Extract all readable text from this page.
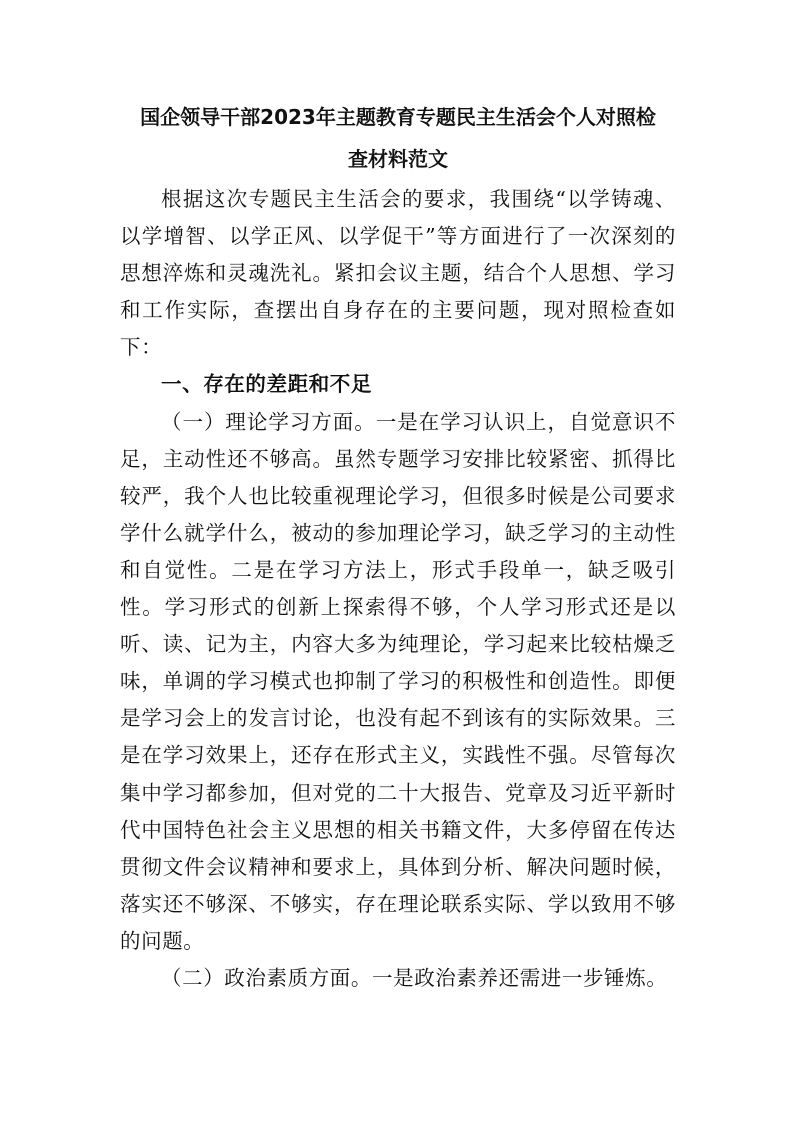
国企领导干部2023年主题教育专题民主生活会个人对照检
查材料范文

根据这次专题民主生活会的要求，我围绕“以学铸魂、以学增智、以学正风、以学促干”等方面进行了一次深刻的思想淬炼和灵魂洗礼。紧扣会议主题，结合个人思想、学习和工作实际，查摆出自身存在的主要问题，现对照检查如下：

一、存在的差距和不足

（一）理论学习方面。一是在学习认识上，自觉意识不足，主动性还不够高。虽然专题学习安排比较紧密、抓得比较严，我个人也比较重视理论学习，但很多时候是公司要求学什么就学什么，被动的参加理论学习，缺乏学习的主动性和自觉性。二是在学习方法上，形式手段单一，缺乏吸引性。学习形式的创新上探索得不够，个人学习形式还是以听、读、记为主，内容大多为纯理论，学习起来比较枯燥乏味，单调的学习模式也抑制了学习的积极性和创造性。即便是学习会上的发言讨论，也没有起不到该有的实际效果。三是在学习效果上，还存在形式主义，实践性不强。尽管每次集中学习都参加，但对党的二十大报告、党章及习近平新时代中国特色社会主义思想的相关书籍文件，大多停留在传达贯彻文件会议精神和要求上，具体到分析、解决问题时候，落实还不够深、不够实，存在理论联系实际、学以致用不够的问题。

（二）政治素质方面。一是政治素养还需进一步锤炼。
